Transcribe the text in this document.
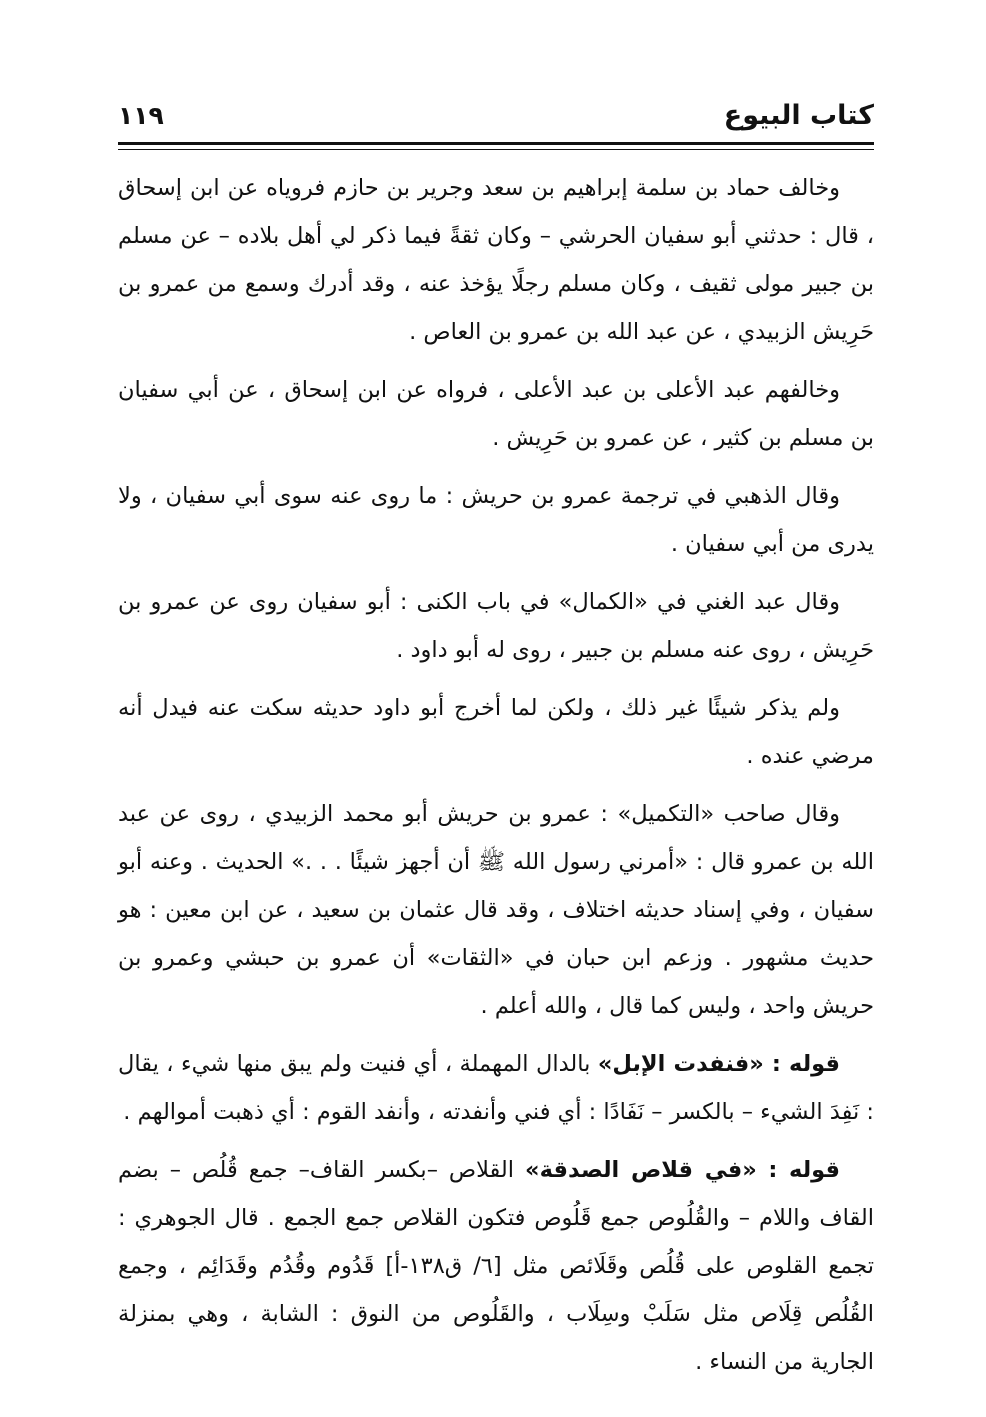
كتاب البيوع
١١٩

وخالف حماد بن سلمة إبراهيم بن سعد وجرير بن حازم فروياه عن ابن إسحاق ، قال : حدثني أبو سفيان الحرشي – وكان ثقةً فيما ذكر لي أهل بلاده – عن مسلم بن جبير مولى ثقيف ، وكان مسلم رجلًا يؤخذ عنه ، وقد أدرك وسمع من عمرو بن حَرِيش الزبيدي ، عن عبد الله بن عمرو بن العاص .

وخالفهم عبد الأعلى بن عبد الأعلى ، فرواه عن ابن إسحاق ، عن أبي سفيان بن مسلم بن كثير ، عن عمرو بن حَرِيش .

وقال الذهبي في ترجمة عمرو بن حريش : ما روى عنه سوى أبي سفيان ، ولا يدرى من أبي سفيان .

وقال عبد الغني في «الكمال» في باب الكنى : أبو سفيان روى عن عمرو بن حَرِيش ، روى عنه مسلم بن جبير ، روى له أبو داود .

ولم يذكر شيئًا غير ذلك ، ولكن لما أخرج أبو داود حديثه سكت عنه فيدل أنه مرضي عنده .

وقال صاحب «التكميل» : عمرو بن حريش أبو محمد الزبيدي ، روى عن عبد الله بن عمرو قال : «أمرني رسول الله ﷺ أن أجهز شيئًا . . .» الحديث . وعنه أبو سفيان ، وفي إسناد حديثه اختلاف ، وقد قال عثمان بن سعيد ، عن ابن معين : هو حديث مشهور . وزعم ابن حبان في «الثقات» أن عمرو بن حبشي وعمرو بن حريش واحد ، وليس كما قال ، والله أعلم .

قوله : «فنفدت الإبل» بالدال المهملة ، أي فنيت ولم يبق منها شيء ، يقال : نَفِدَ الشيء – بالكسر – نَفَادًا : أي فني وأنفدته ، وأنفد القوم : أي ذهبت أموالهم .

قوله : «في قلاص الصدقة» القلاص –بكسر القاف– جمع قُلُص – بضم القاف واللام – والقُلُوص جمع قَلُوص فتكون القلاص جمع الجمع . قال الجوهري : تجمع القلوص على قُلُص وقَلَائص مثل [٦/ ق١٣٨-أ] قَدُوم وقُدُم وقَدَائِم ، وجمع القُلُص قِلَاص مثل سَلَبْ وسِلَاب ، والقَلُوص من النوق : الشابة ، وهي بمنزلة الجارية من النساء .
